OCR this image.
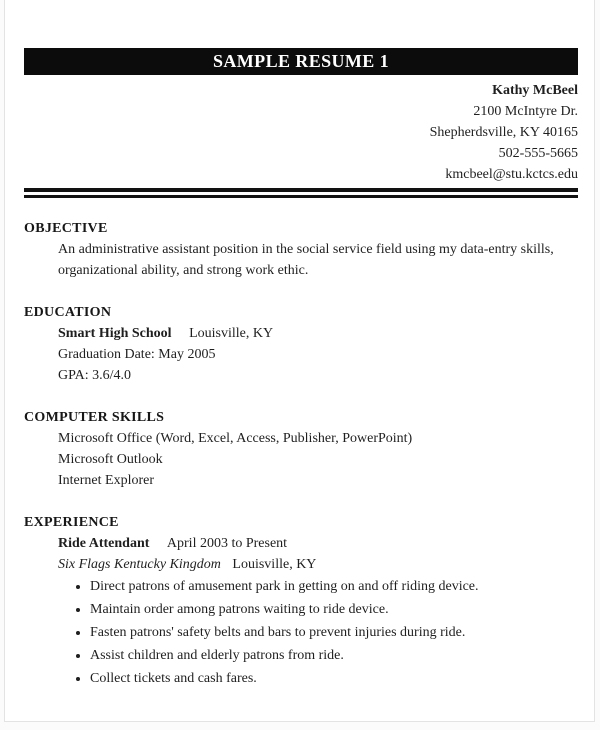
SAMPLE RESUME 1
Kathy McBeel
2100 McIntyre Dr.
Shepherdsville, KY 40165
502-555-5665
kmcbeel@stu.kctcs.edu
OBJECTIVE
An administrative assistant position in the social service field using my data-entry skills,
organizational ability, and strong work ethic.
EDUCATION
Smart High School Louisville, KY
Graduation Date: May 2005
GPA: 3.6/4.0
COMPUTER SKILLS
Microsoft Office (Word, Excel, Access, Publisher, PowerPoint)
Microsoft Outlook
Internet Explorer
EXPERIENCE
Ride Attendant April 2003 to Present
Six Flags Kentucky Kingdom Louisville, KY
• Direct patrons of amusement park in getting on and off riding device.
• Maintain order among patrons waiting to ride device.
• Fasten patrons' safety belts and bars to prevent injuries during ride.
• Assist children and elderly patrons from ride.
• Collect tickets and cash fares.
